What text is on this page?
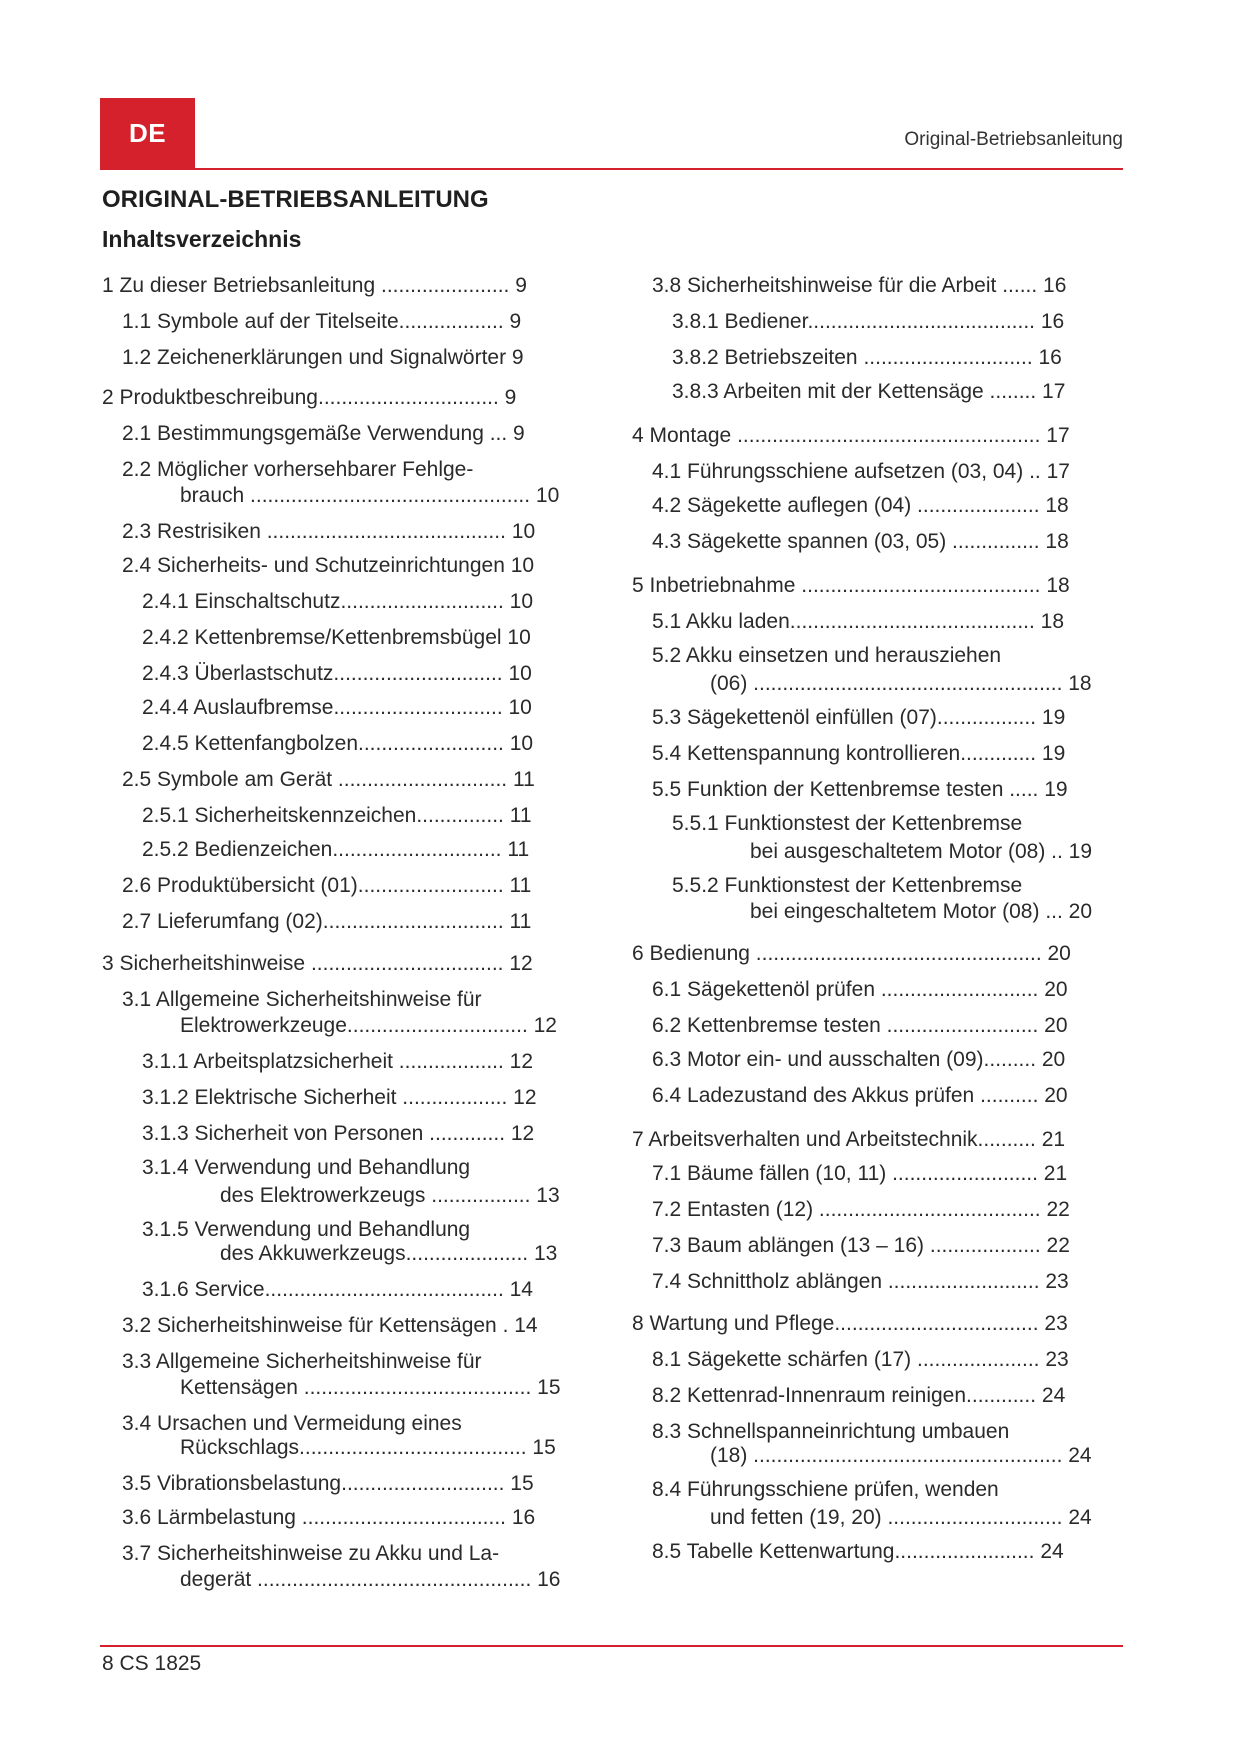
DE	Original-Betriebsanleitung
ORIGINAL-BETRIEBSANLEITUNG
Inhaltsverzeichnis
1 Zu dieser Betriebsanleitung ...................... 9
1.1 Symbole auf der Titelseite.................. 9
1.2 Zeichenerklärungen und Signalwörter 9
2 Produktbeschreibung............................... 9
2.1 Bestimmungsgemäße Verwendung ... 9
2.2 Möglicher vorhersehbarer Fehlge-
brauch ................................................ 10
2.3 Restrisiken ......................................... 10
2.4 Sicherheits- und Schutzeinrichtungen 10
2.4.1 Einschaltschutz............................ 10
2.4.2 Kettenbremse/Kettenbremsbügel 10
2.4.3 Überlastschutz............................. 10
2.4.4 Auslaufbremse............................. 10
2.4.5 Kettenfangbolzen......................... 10
2.5 Symbole am Gerät ............................. 11
2.5.1 Sicherheitskennzeichen............... 11
2.5.2 Bedienzeichen............................. 11
2.6 Produktübersicht (01)......................... 11
2.7 Lieferumfang (02)............................... 11
3 Sicherheitshinweise ................................. 12
3.1 Allgemeine Sicherheitshinweise für
Elektrowerkzeuge............................... 12
3.1.1 Arbeitsplatzsicherheit .................. 12
3.1.2 Elektrische Sicherheit .................. 12
3.1.3 Sicherheit von Personen ............. 12
3.1.4 Verwendung und Behandlung
des Elektrowerkzeugs ................. 13
3.1.5 Verwendung und Behandlung
des Akkuwerkzeugs..................... 13
3.1.6 Service......................................... 14
3.2 Sicherheitshinweise für Kettensägen . 14
3.3 Allgemeine Sicherheitshinweise für
Kettensägen ....................................... 15
3.4 Ursachen und Vermeidung eines
Rückschlags....................................... 15
3.5 Vibrationsbelastung............................ 15
3.6 Lärmbelastung ................................... 16
3.7 Sicherheitshinweise zu Akku und La-
degerät ............................................... 16
3.8 Sicherheitshinweise für die Arbeit ...... 16
3.8.1 Bediener....................................... 16
3.8.2 Betriebszeiten ............................. 16
3.8.3 Arbeiten mit der Kettensäge ........ 17
4 Montage .................................................... 17
4.1 Führungsschiene aufsetzen (03, 04) .. 17
4.2 Sägekette auflegen (04) ..................... 18
4.3 Sägekette spannen (03, 05) ............... 18
5 Inbetriebnahme ......................................... 18
5.1 Akku laden.......................................... 18
5.2 Akku einsetzen und herausziehen
(06) ..................................................... 18
5.3 Sägekettenöl einfüllen (07)................. 19
5.4 Kettenspannung kontrollieren............. 19
5.5 Funktion der Kettenbremse testen ..... 19
5.5.1 Funktionstest der Kettenbremse
bei ausgeschaltetem Motor (08) .. 19
5.5.2 Funktionstest der Kettenbremse
bei eingeschaltetem Motor (08) ... 20
6 Bedienung ................................................. 20
6.1 Sägekettenöl prüfen ........................... 20
6.2 Kettenbremse testen .......................... 20
6.3 Motor ein- und ausschalten (09)......... 20
6.4 Ladezustand des Akkus prüfen .......... 20
7 Arbeitsverhalten und Arbeitstechnik.......... 21
7.1 Bäume fällen (10, 11) ......................... 21
7.2 Entasten (12) ...................................... 22
7.3 Baum ablängen (13 – 16) ................... 22
7.4 Schnittholz ablängen .......................... 23
8 Wartung und Pflege................................... 23
8.1 Sägekette schärfen (17) ..................... 23
8.2 Kettenrad-Innenraum reinigen............ 24
8.3 Schnellspanneinrichtung umbauen
(18) ..................................................... 24
8.4 Führungsschiene prüfen, wenden
und fetten (19, 20) .............................. 24
8.5 Tabelle Kettenwartung........................ 24
8 CS 1825
